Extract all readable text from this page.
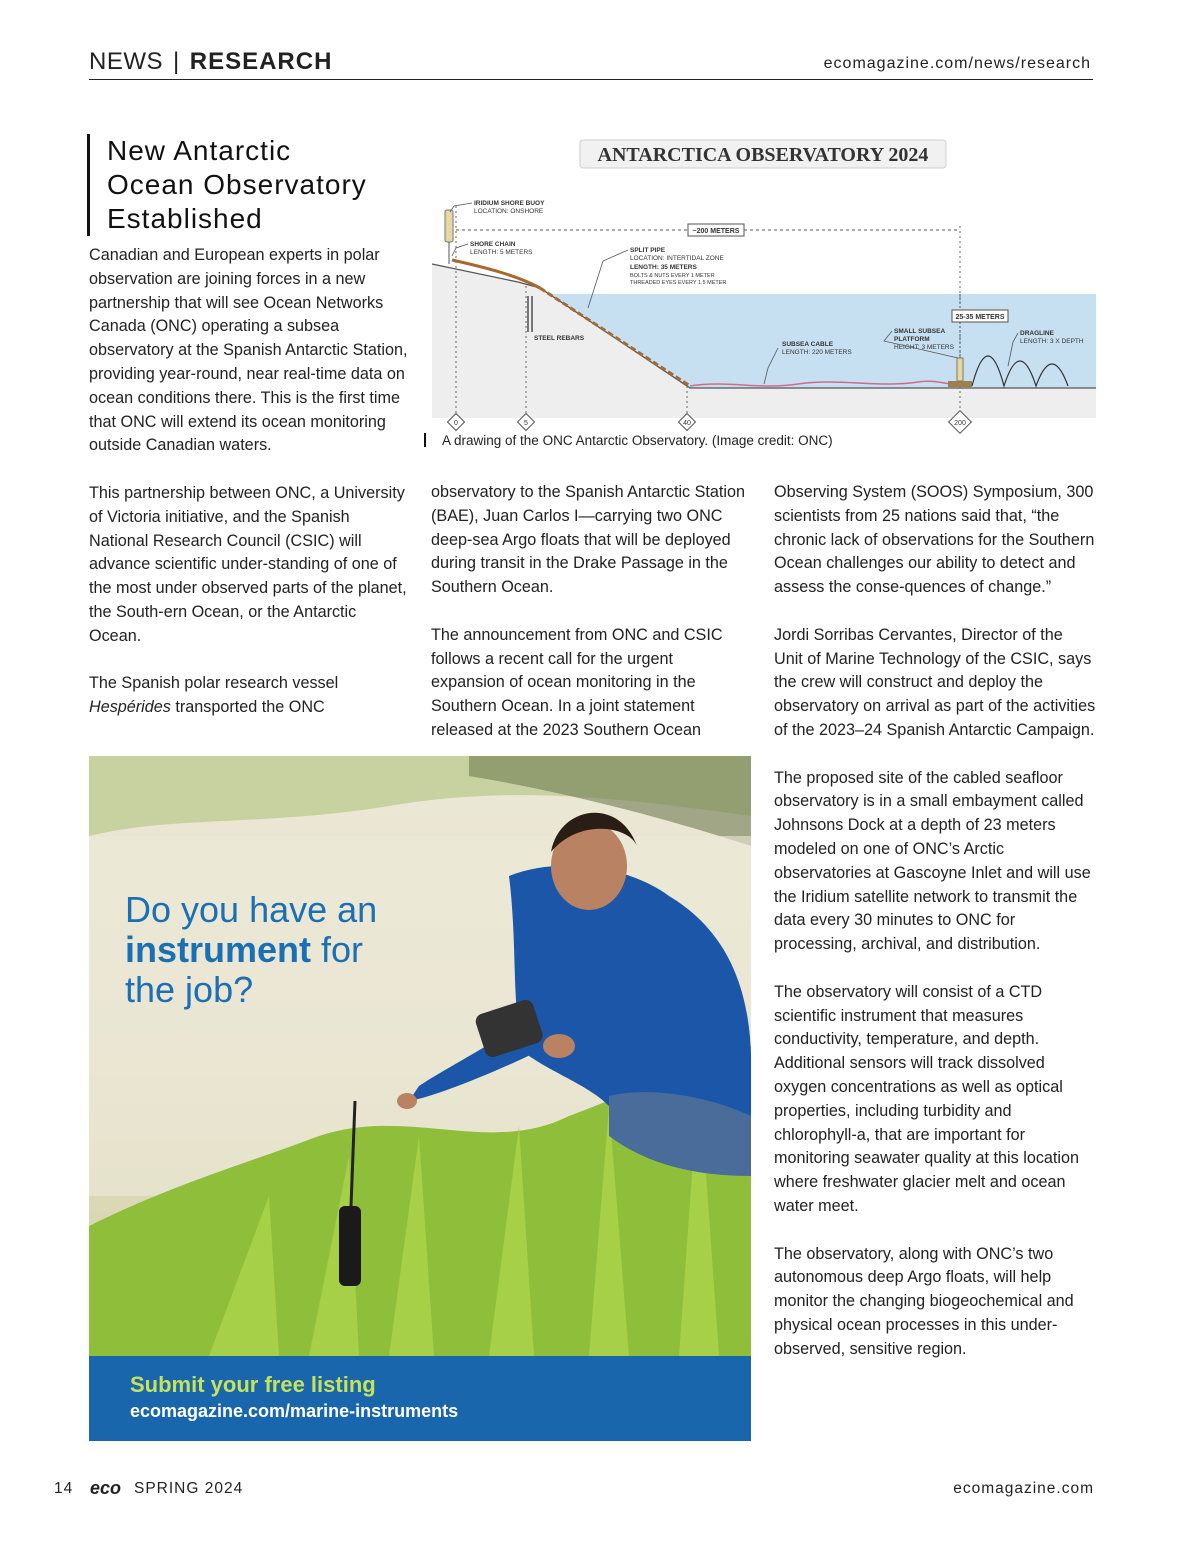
NEWS | RESEARCH	ecomagazine.com/news/research
New Antarctic
Ocean Observatory
Established

Canadian and European experts in polar observation are joining forces in a new partnership that will see Ocean Networks Canada (ONC) operating a subsea observatory at the Spanish Antarctic Station, providing year-round, near real-time data on ocean conditions there. This is the first time that ONC will extend its ocean monitoring outside Canadian waters.

This partnership between ONC, a University of Victoria initiative, and the Spanish National Research Council (CSIC) will advance scientific under-standing of one of the most under observed parts of the planet, the South-ern Ocean, or the Antarctic Ocean.

The Spanish polar research vessel Hespérides transported the ONC

ANTARCTICA OBSERVATORY 2024
~200 METERS
25-35 METERS
IRIDIUM SHORE BUOY
LOCATION: ONSHORE
SHORE CHAIN
LENGTH: 5 METERS	SPLIT PIPE
LOCATION: INTERTIDAL ZONE
LENGTH: 35 METERS
BOLTS & NUTS EVERY 1 METER
THREADED EYES EVERY 1.5 METER
STEEL REBARS
SUBSEA CABLE
LENGTH: 220 METERS
SMALL SUBSEA
PLATFORM
HEIGHT: 3 METERS
DRAGLINE
LENGTH: 3 X DEPTH
0	5	40	200
A drawing of the ONC Antarctic Observatory. (Image credit: ONC)

observatory to the Spanish Antarctic Station (BAE), Juan Carlos I—carrying two ONC deep-sea Argo floats that will be deployed during transit in the Drake Passage in the Southern Ocean.

The announcement from ONC and CSIC follows a recent call for the urgent expansion of ocean monitoring in the Southern Ocean. In a joint statement released at the 2023 Southern Ocean

Observing System (SOOS) Symposium, 300 scientists from 25 nations said that, “the chronic lack of observations for the Southern Ocean challenges our ability to detect and assess the conse-quences of change.”

Jordi Sorribas Cervantes, Director of the Unit of Marine Technology of the CSIC, says the crew will construct and deploy the observatory on arrival as part of the activities of the 2023–24 Spanish Antarctic Campaign.

The proposed site of the cabled seafloor observatory is in a small embayment called Johnsons Dock at a depth of 23 meters modeled on one of ONC’s Arctic observatories at Gascoyne Inlet and will use the Iridium satellite network to transmit the data every 30 minutes to ONC for processing, archival, and distribution.

The observatory will consist of a CTD scientific instrument that measures conductivity, temperature, and depth. Additional sensors will track dissolved oxygen concentrations as well as optical properties, including turbidity and chlorophyll-a, that are important for monitoring seawater quality at this location where freshwater glacier melt and ocean water meet.

The observatory, along with ONC’s two autonomous deep Argo floats, will help monitor the changing biogeochemical and physical ocean processes in this under-observed, sensitive region.

Do you have an
instrument for
the job?
Submit your free listing
ecomagazine.com/marine-instruments
14 eco SPRING 2024	ecomagazine.com
